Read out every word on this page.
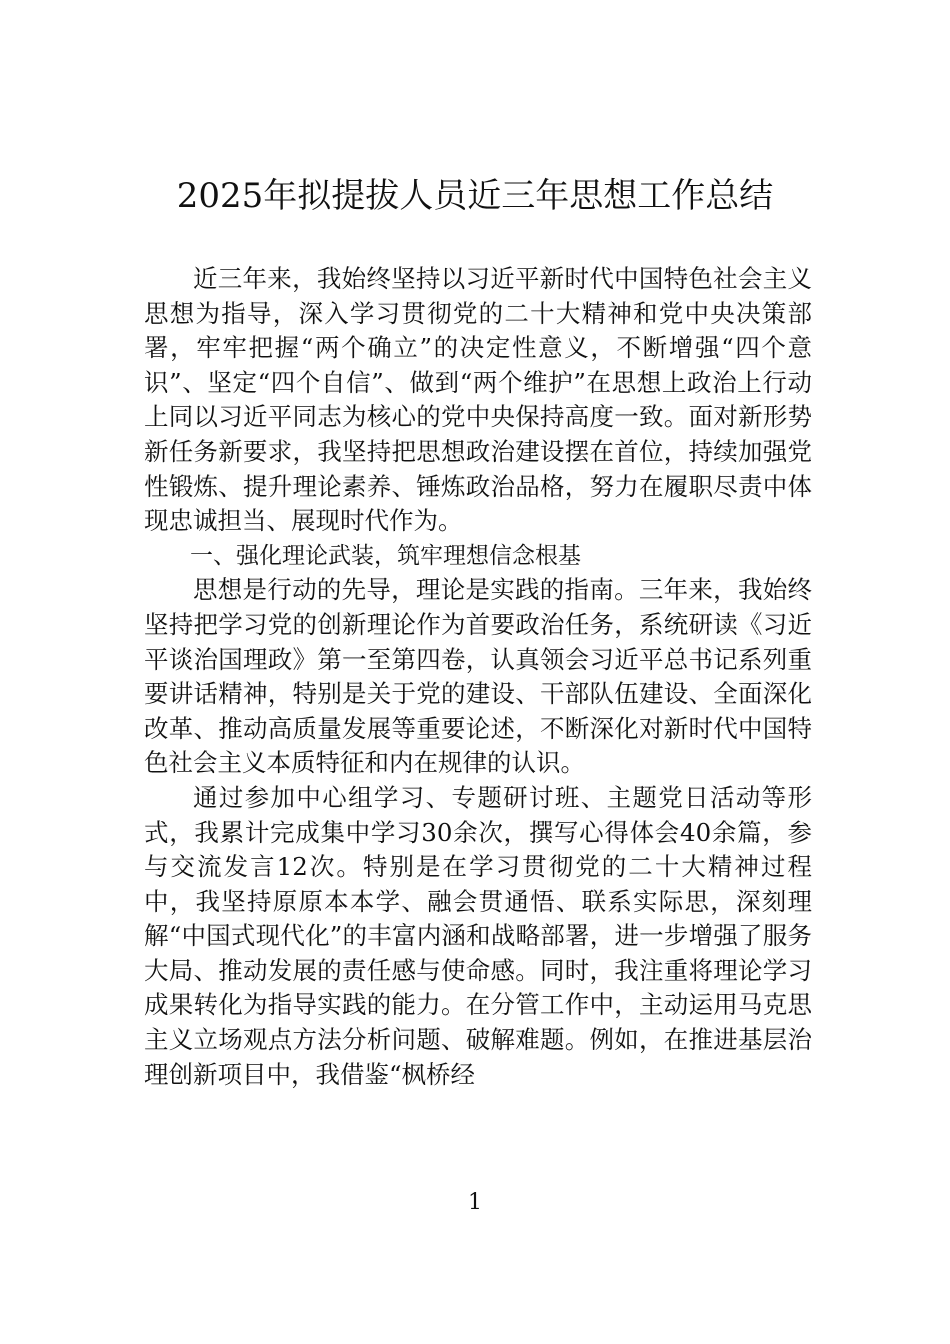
2025年拟提拔人员近三年思想工作总结

近三年来，我始终坚持以习近平新时代中国特色社会主义思想为指导，深入学习贯彻党的二十大精神和党中央决策部署，牢牢把握“两个确立”的决定性意义，不断增强“四个意识”、坚定“四个自信”、做到“两个维护”在思想上政治上行动上同以习近平同志为核心的党中央保持高度一致。面对新形势新任务新要求，我坚持把思想政治建设摆在首位，持续加强党性锻炼、提升理论素养、锤炼政治品格，努力在履职尽责中体现忠诚担当、展现时代作为。

一、强化理论武装，筑牢理想信念根基

思想是行动的先导，理论是实践的指南。三年来，我始终坚持把学习党的创新理论作为首要政治任务，系统研读《习近平谈治国理政》第一至第四卷，认真领会习近平总书记系列重要讲话精神，特别是关于党的建设、干部队伍建设、全面深化改革、推动高质量发展等重要论述，不断深化对新时代中国特色社会主义本质特征和内在规律的认识。

通过参加中心组学习、专题研讨班、主题党日活动等形式，我累计完成集中学习30余次，撰写心得体会40余篇，参与交流发言12次。特别是在学习贯彻党的二十大精神过程中，我坚持原原本本学、融会贯通悟、联系实际思，深刻理解“中国式现代化”的丰富内涵和战略部署，进一步增强了服务大局、推动发展的责任感与使命感。同时，我注重将理论学习成果转化为指导实践的能力。在分管工作中，主动运用马克思主义立场观点方法分析问题、破解难题。例如，在推进基层治理创新项目中，我借鉴“枫桥经

1
